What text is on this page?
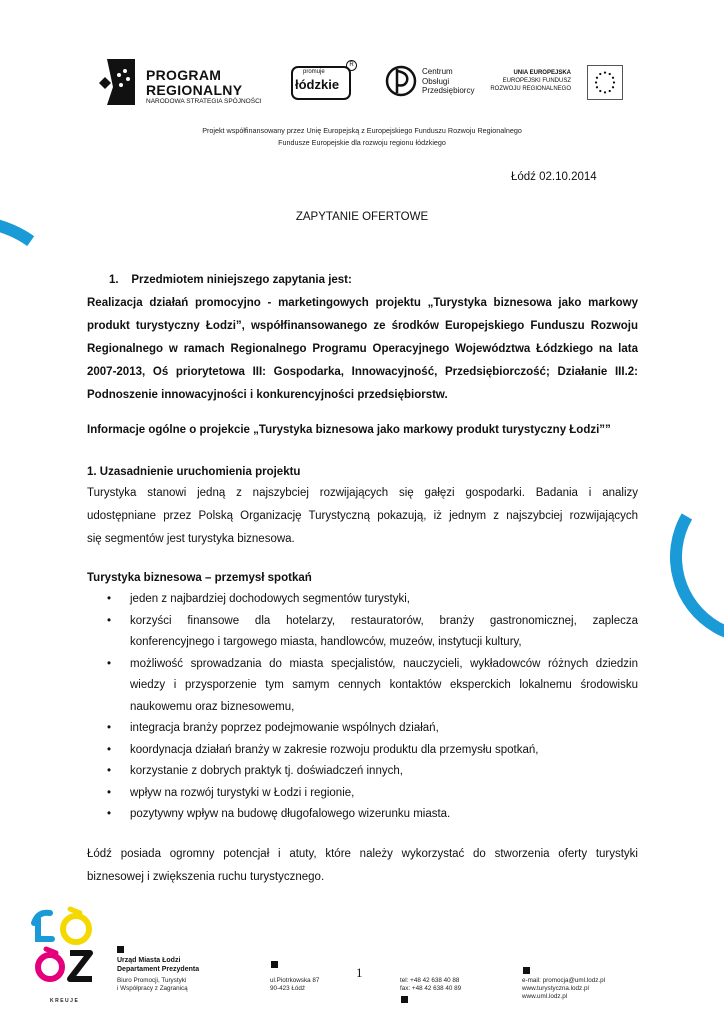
PROGRAM
REGIONALNY
NARODOWA STRATEGIA SPÓJNOŚCI
promuje
łódzkie
R
Centrum
Obsługi
Przedsiębiorcy
UNIA EUROPEJSKA
EUROPEJSKI FUNDUSZ
ROZWOJU REGIONALNEGO
Projekt współfinansowany przez Unię Europejską z Europejskiego Funduszu Rozwoju Regionalnego
Fundusze Europejskie dla rozwoju regionu łódzkiego
Łódź 02.10.2014
ZAPYTANIE OFERTOWE
1.    Przedmiotem niniejszego zapytania jest:
Realizacja działań promocyjno - marketingowych projektu „Turystyka biznesowa jako markowy
produkt turystyczny Łodzi”, współfinansowanego ze środków Europejskiego Funduszu Rozwoju
Regionalnego w ramach Regionalnego Programu Operacyjnego Województwa Łódzkiego na lata
2007-2013, Oś priorytetowa III: Gospodarka, Innowacyjność, Przedsiębiorczość; Działanie III.2:
Podnoszenie innowacyjności i konkurencyjności przedsiębiorstw.
Informacje ogólne o projekcie „Turystyka biznesowa jako markowy produkt turystyczny Łodzi””
1. Uzasadnienie uruchomienia projektu
Turystyka stanowi jedną z najszybciej rozwijających się gałęzi gospodarki. Badania i analizy
udostępniane przez Polską Organizację Turystyczną pokazują, iż jednym z najszybciej rozwijających
się segmentów jest turystyka biznesowa.
Turystyka biznesowa – przemysł spotkań
• jeden z najbardziej dochodowych segmentów turystyki,
• korzyści finansowe dla hotelarzy, restauratorów, branży gastronomicznej, zaplecza
konferencyjnego i targowego miasta, handlowców, muzeów, instytucji kultury,
• możliwość sprowadzania do miasta specjalistów, nauczycieli, wykładowców różnych dziedzin
wiedzy i przysporzenie tym samym cennych kontaktów eksperckich lokalnemu środowisku
naukowemu oraz biznesowemu,
• integracja branży poprzez podejmowanie wspólnych działań,
• koordynacja działań branży w zakresie rozwoju produktu dla przemysłu spotkań,
• korzystanie z dobrych praktyk tj. doświadczeń innych,
• wpływ na rozwój turystyki w Łodzi i regionie,
• pozytywny wpływ na budowę długofalowego wizerunku miasta.
Łódź posiada ogromny potencjał i atuty, które należy wykorzystać do stworzenia oferty turystyki
biznesowej i zwiększenia ruchu turystycznego.
KREUJE
Urząd Miasta Łodzi
Departament Prezydenta
Biuro Promocji, Turystyki
i Współpracy z Zagranicą
ul.Piotrkowska 87
90-423 Łódź
1
tel: +48 42 638 40 88
fax: +48 42 638 40 89
e-mail: promocja@uml.lodz.pl
www.turystyczna.lodz.pl
www.uml.lodz.pl
